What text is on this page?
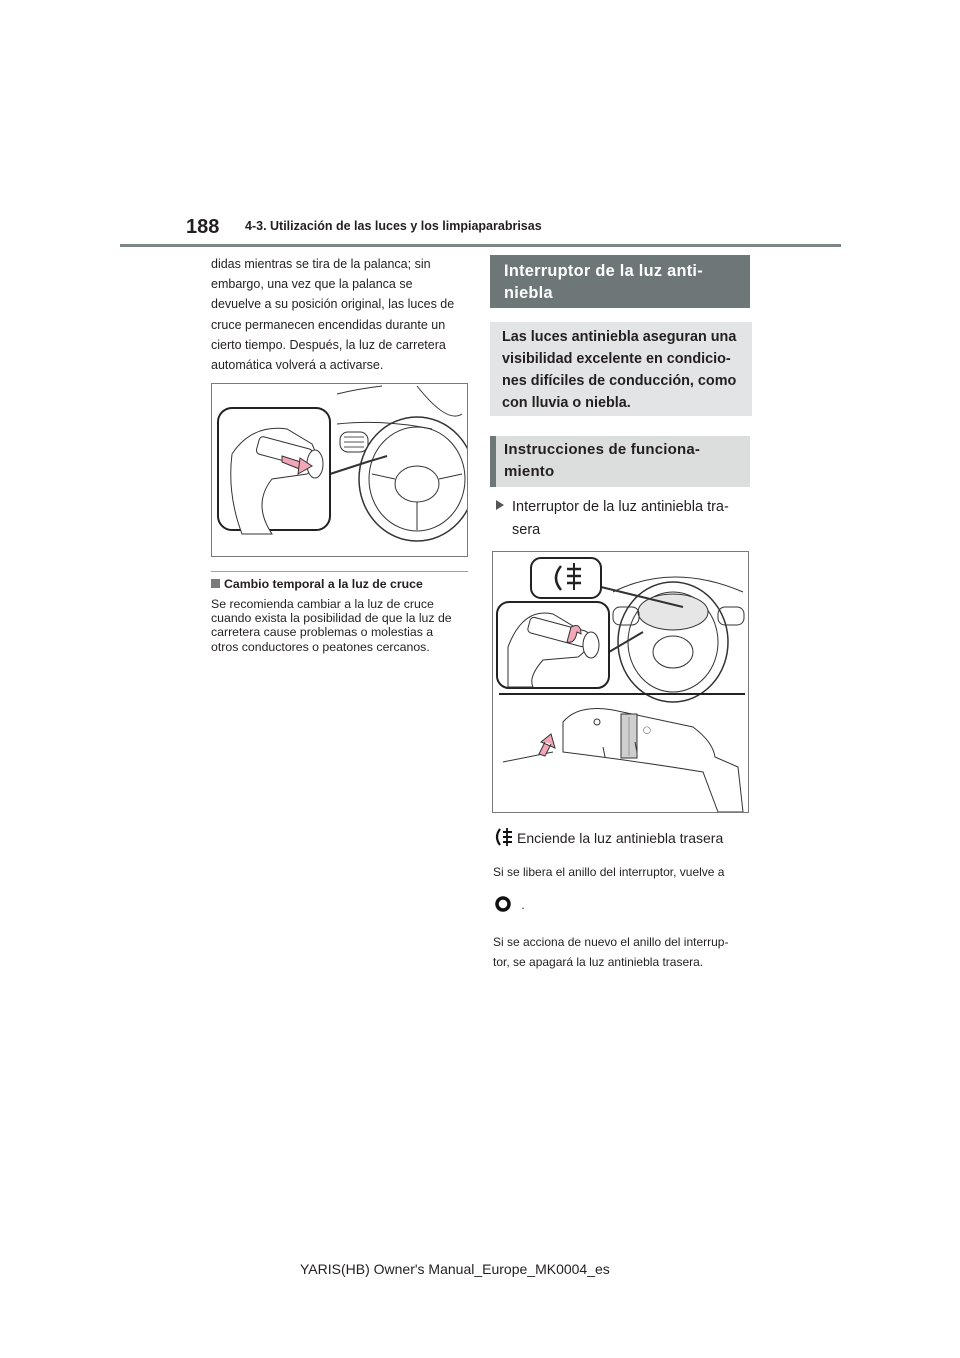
188 4-3. Utilización de las luces y los limpiaparabrisas

didas mientras se tira de la palanca; sin

embargo, una vez que la palanca se

devuelve a su posición original, las luces de

cruce permanecen encendidas durante un

cierto tiempo. Después, la luz de carretera

automática volverá a activarse.

Cambio temporal a la luz de cruce
Se recomienda cambiar a la luz de cruce
cuando exista la posibilidad de que la luz de
carretera cause problemas o molestias a
otros conductores o peatones cercanos.
Interruptor de la luz anti-
niebla
Las luces antiniebla aseguran una
visibilidad excelente en condicio-
nes difíciles de conducción, como
con lluvia o niebla.
Instrucciones de funciona-
miento
Interruptor de la luz antiniebla tra-
sera
◯
Enciende la luz antiniebla trasera
Si se libera el anillo del interruptor, vuelve a
.
Si se acciona de nuevo el anillo del interrup-
tor, se apagará la luz antiniebla trasera.
YARIS(HB) Owner's Manual_Europe_MK0004_es
